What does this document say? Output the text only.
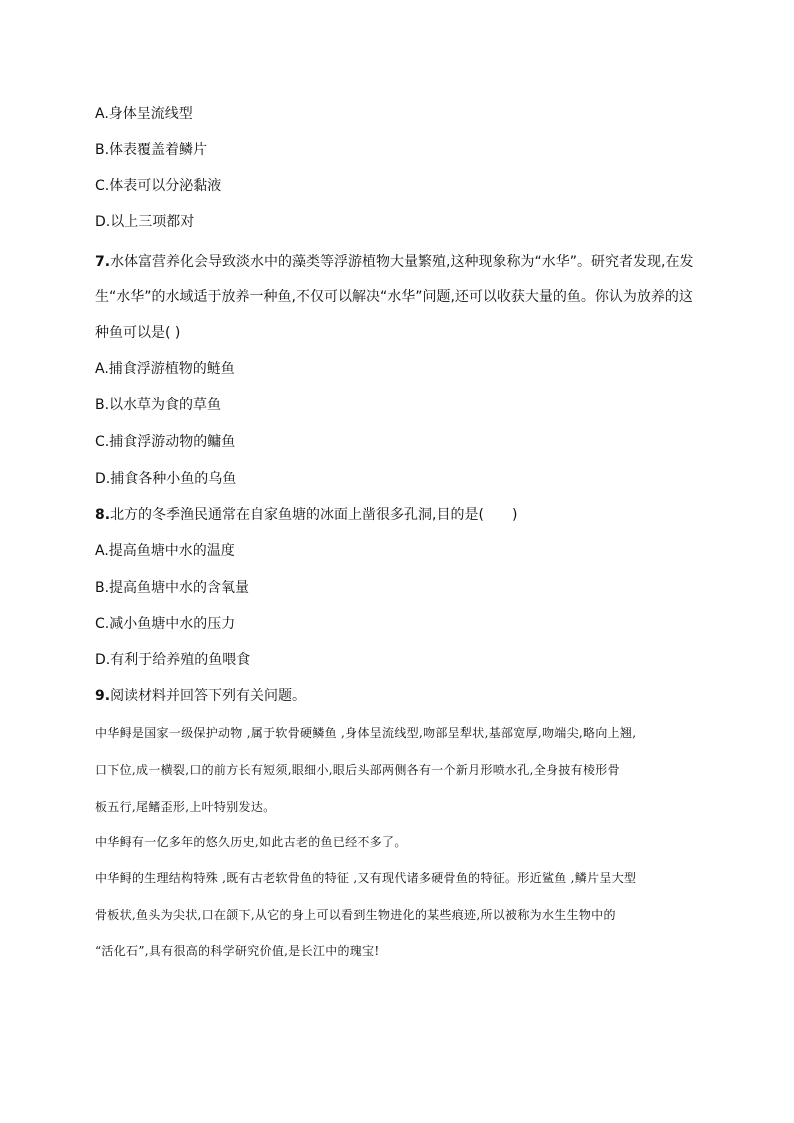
A.身体呈流线型
B.体表覆盖着鳞片
C.体表可以分泌黏液
D.以上三项都对
7.水体富营养化会导致淡水中的藻类等浮游植物大量繁殖,这种现象称为“水华”。研究者发现,在发
生“水华”的水域适于放养一种鱼,不仅可以解决“水华”问题,还可以收获大量的鱼。你认为放养的这
种鱼可以是( )
A.捕食浮游植物的鲢鱼
B.以水草为食的草鱼
C.捕食浮游动物的鳙鱼
D.捕食各种小鱼的乌鱼
8.北方的冬季渔民通常在自家鱼塘的冰面上凿很多孔洞,目的是( )
A.提高鱼塘中水的温度
B.提高鱼塘中水的含氧量
C.减小鱼塘中水的压力
D.有利于给养殖的鱼喂食
9.阅读材料并回答下列有关问题。
中华鲟是国家一级保护动物 ,属于软骨硬鳞鱼 ,身体呈流线型,吻部呈犁状,基部宽厚,吻端尖,略向上翘,
口下位,成一横裂,口的前方长有短须,眼细小,眼后头部两侧各有一个新月形喷水孔,全身披有棱形骨
板五行,尾鳍歪形,上叶特别发达。
中华鲟有一亿多年的悠久历史,如此古老的鱼已经不多了。
中华鲟的生理结构特殊 ,既有古老软骨鱼的特征 ,又有现代诸多硬骨鱼的特征。形近鲨鱼 ,鳞片呈大型
骨板状,鱼头为尖状,口在颌下,从它的身上可以看到生物进化的某些痕迹,所以被称为水生生物中的
“活化石”,具有很高的科学研究价值,是长江中的瑰宝!
